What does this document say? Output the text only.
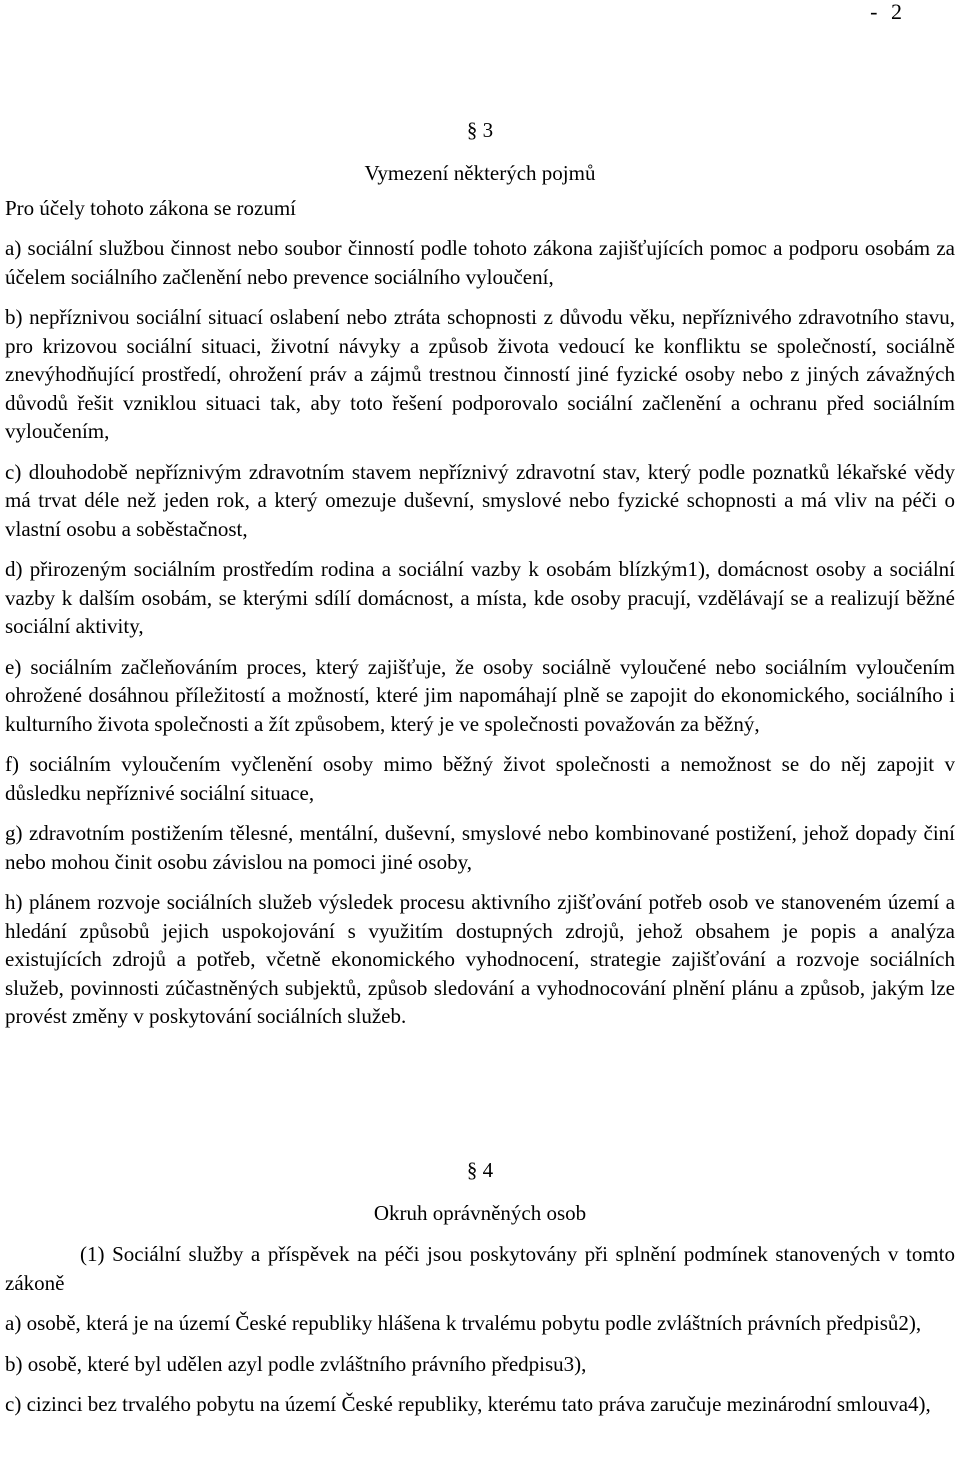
- 2

§ 3

Vymezení některých pojmů

Pro účely tohoto zákona se rozumí

a) sociální službou činnost nebo soubor činností podle tohoto zákona zajišťujících pomoc a podporu osobám za účelem sociálního začlenění nebo prevence sociálního vyloučení,

b) nepříznivou sociální situací oslabení nebo ztráta schopnosti z důvodu věku, nepříznivého zdravotního stavu, pro krizovou sociální situaci, životní návyky a způsob života vedoucí ke konfliktu se společností, sociálně znevýhodňující prostředí, ohrožení práv a zájmů trestnou činností jiné fyzické osoby nebo z jiných závažných důvodů řešit vzniklou situaci tak, aby toto řešení podporovalo sociální začlenění a ochranu před sociálním vyloučením,

c) dlouhodobě nepříznivým zdravotním stavem nepříznivý zdravotní stav, který podle poznatků lékařské vědy má trvat déle než jeden rok, a který omezuje duševní, smyslové nebo fyzické schopnosti a má vliv na péči o vlastní osobu a soběstačnost,

d) přirozeným sociálním prostředím rodina a sociální vazby k osobám blízkým1), domácnost osoby a sociální vazby k dalším osobám, se kterými sdílí domácnost, a místa, kde osoby pracují, vzdělávají se a realizují běžné sociální aktivity,

e) sociálním začleňováním proces, který zajišťuje, že osoby sociálně vyloučené nebo sociálním vyloučením ohrožené dosáhnou příležitostí a možností, které jim napomáhají plně se zapojit do ekonomického, sociálního i kulturního života společnosti a žít způsobem, který je ve společnosti považován za běžný,

f) sociálním vyloučením vyčlenění osoby mimo běžný život společnosti a nemožnost se do něj zapojit v důsledku nepříznivé sociální situace,

g) zdravotním postižením tělesné, mentální, duševní, smyslové nebo kombinované postižení, jehož dopady činí nebo mohou činit osobu závislou na pomoci jiné osoby,

h) plánem rozvoje sociálních služeb výsledek procesu aktivního zjišťování potřeb osob ve stanoveném území a hledání způsobů jejich uspokojování s využitím dostupných zdrojů, jehož obsahem je popis a analýza existujících zdrojů a potřeb, včetně ekonomického vyhodnocení, strategie zajišťování a rozvoje sociálních služeb, povinnosti zúčastněných subjektů, způsob sledování a vyhodnocování plnění plánu a způsob, jakým lze provést změny v poskytování sociálních služeb.

§ 4

Okruh oprávněných osob

(1) Sociální služby a příspěvek na péči jsou poskytovány při splnění podmínek stanovených v tomto zákoně

a) osobě, která je na území České republiky hlášena k trvalému pobytu podle zvláštních právních předpisů2),

b) osobě, které byl udělen azyl podle zvláštního právního předpisu3),

c) cizinci bez trvalého pobytu na území České republiky, kterému tato práva zaručuje mezinárodní smlouva4),
